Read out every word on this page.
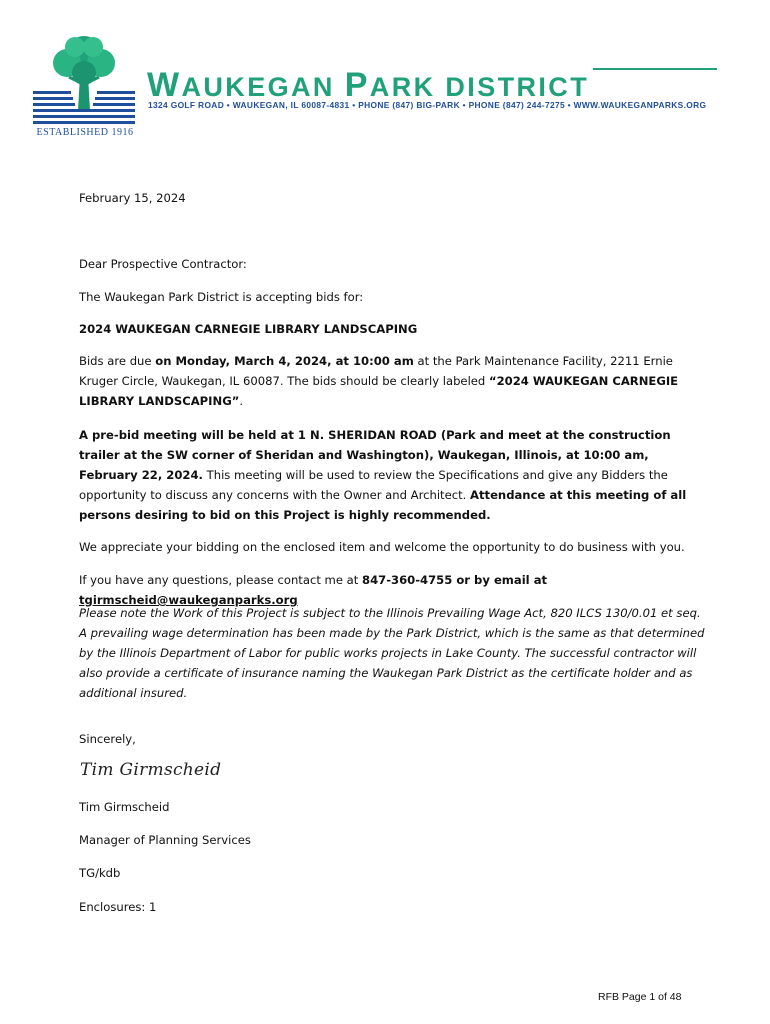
ESTABLISHED 1916
WAUKEGAN PARK DISTRICT
1324 GOLF ROAD • WAUKEGAN, IL 60087-4831 • PHONE (847) BIG-PARK • PHONE (847) 244-7275 • WWW.WAUKEGANPARKS.ORG
February 15, 2024
Dear Prospective Contractor:
The Waukegan Park District is accepting bids for:
2024 WAUKEGAN CARNEGIE LIBRARY LANDSCAPING
Bids are due on Monday, March 4, 2024, at 10:00 am at the Park Maintenance Facility, 2211 Ernie Kruger Circle, Waukegan, IL 60087. The bids should be clearly labeled “2024 WAUKEGAN CARNEGIE LIBRARY LANDSCAPING”.
A pre-bid meeting will be held at 1 N. SHERIDAN ROAD (Park and meet at the construction trailer at the SW corner of Sheridan and Washington), Waukegan, Illinois, at 10:00 am, February 22, 2024. This meeting will be used to review the Specifications and give any Bidders the opportunity to discuss any concerns with the Owner and Architect. Attendance at this meeting of all persons desiring to bid on this Project is highly recommended.
We appreciate your bidding on the enclosed item and welcome the opportunity to do business with you.
If you have any questions, please contact me at 847-360-4755 or by email at tgirmscheid@waukeganparks.org
Please note the Work of this Project is subject to the Illinois Prevailing Wage Act, 820 ILCS 130/0.01 et seq. A prevailing wage determination has been made by the Park District, which is the same as that determined by the Illinois Department of Labor for public works projects in Lake County. The successful contractor will also provide a certificate of insurance naming the Waukegan Park District as the certificate holder and as additional insured.
Sincerely,
Tim Girmscheid
Tim Girmscheid
Manager of Planning Services
TG/kdb
Enclosures: 1
RFB Page 1 of 48
